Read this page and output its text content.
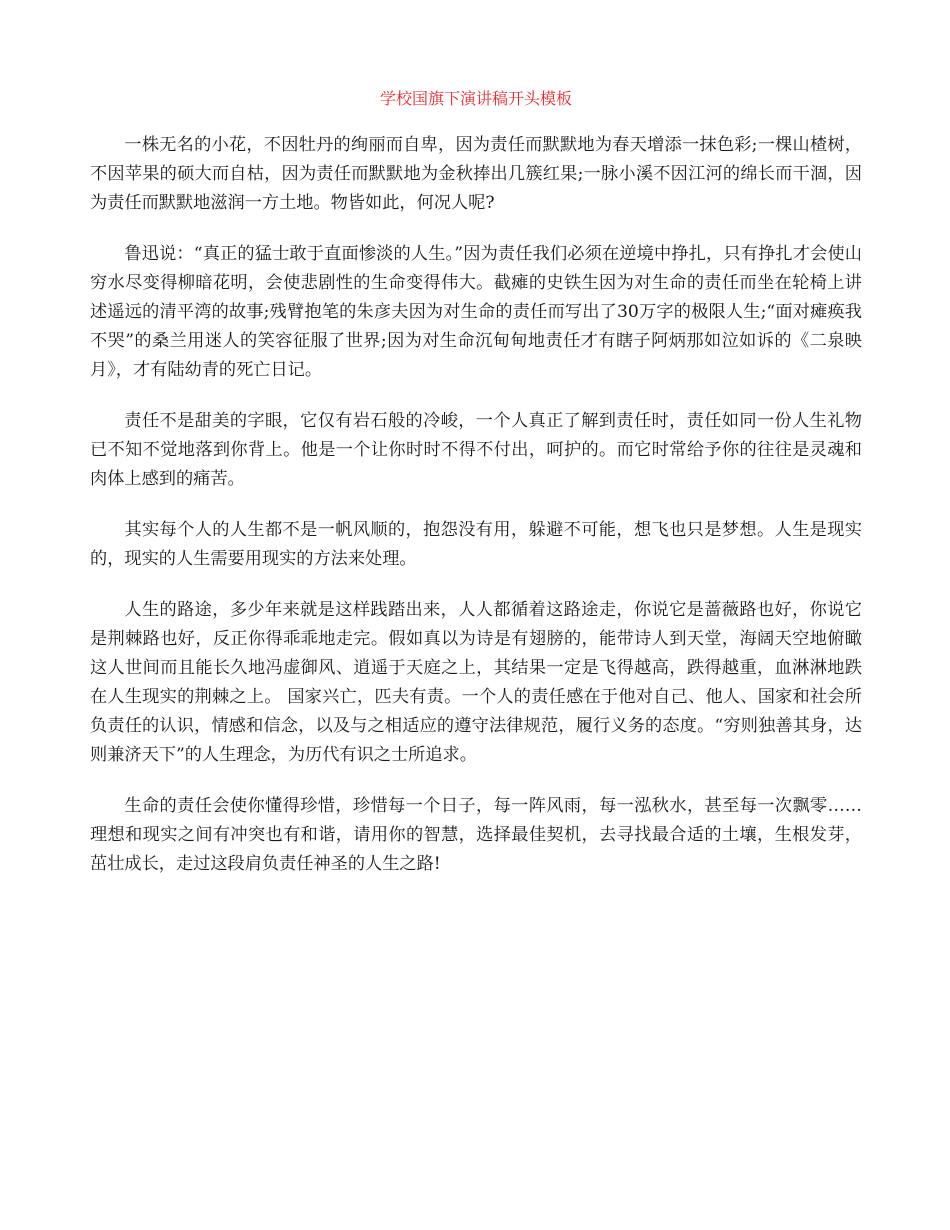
学校国旗下演讲稿开头模板

一株无名的小花，不因牡丹的绚丽而自卑，因为责任而默默地为春天增添一抹色彩;一棵山楂树，不因苹果的硕大而自枯，因为责任而默默地为金秋捧出几簇红果;一脉小溪不因江河的绵长而干涸，因为责任而默默地滋润一方土地。物皆如此，何况人呢?

鲁迅说：“真正的猛士敢于直面惨淡的人生。”因为责任我们必须在逆境中挣扎，只有挣扎才会使山穷水尽变得柳暗花明，会使悲剧性的生命变得伟大。截瘫的史铁生因为对生命的责任而坐在轮椅上讲述遥远的清平湾的故事;残臂抱笔的朱彦夫因为对生命的责任而写出了30万字的极限人生;“面对瘫痪我不哭”的桑兰用迷人的笑容征服了世界;因为对生命沉甸甸地责任才有瞎子阿炳那如泣如诉的《二泉映月》，才有陆幼青的死亡日记。

责任不是甜美的字眼，它仅有岩石般的冷峻，一个人真正了解到责任时，责任如同一份人生礼物已不知不觉地落到你背上。他是一个让你时时不得不付出，呵护的。而它时常给予你的往往是灵魂和肉体上感到的痛苦。

其实每个人的人生都不是一帆风顺的，抱怨没有用，躲避不可能，想飞也只是梦想。人生是现实的，现实的人生需要用现实的方法来处理。

人生的路途，多少年来就是这样践踏出来，人人都循着这路途走，你说它是蔷薇路也好，你说它是荆棘路也好，反正你得乖乖地走完。假如真以为诗是有翅膀的，能带诗人到天堂，海阔天空地俯瞰这人世间而且能长久地冯虚御风、逍遥于天庭之上，其结果一定是飞得越高，跌得越重，血淋淋地跌在人生现实的荆棘之上。 国家兴亡，匹夫有责。一个人的责任感在于他对自己、他人、国家和社会所负责任的认识，情感和信念，以及与之相适应的遵守法律规范，履行义务的态度。“穷则独善其身，达则兼济天下”的人生理念，为历代有识之士所追求。

生命的责任会使你懂得珍惜，珍惜每一个日子，每一阵风雨，每一泓秋水，甚至每一次飘零……理想和现实之间有冲突也有和谐，请用你的智慧，选择最佳契机，去寻找最合适的土壤，生根发芽，茁壮成长，走过这段肩负责任神圣的人生之路!
